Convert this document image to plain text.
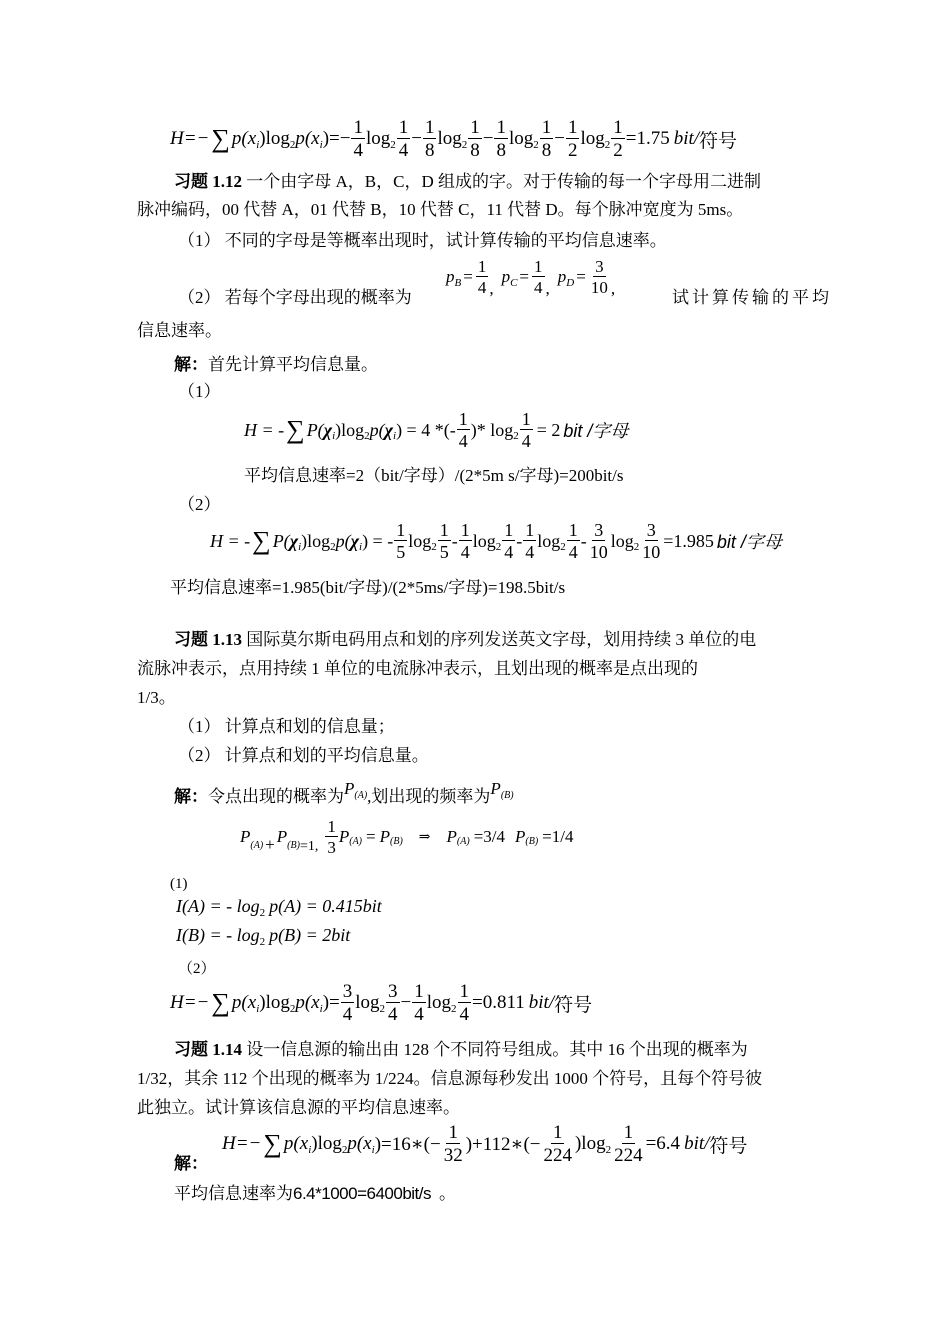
H=− ∑ p(x i )log 2 p(x i )=− $\frac{1}{4}$ $\log 2 \frac{1}{4} - \frac{1}{8}$ $\log 2 \frac{1}{8} - \frac{1}{8}$ $\log 2 \frac{1}{8} - \frac{1}{2}$ $\log 2 \frac{1}{2} =1.75$ bit / 符号
习题 1.12 一个由字母 A，B，C，D 组成的字。对于传输的每一个字母用二进制
脉冲编码，00 代替 A，01 代替 B，10 代替 C，11 代替 D。每个脉冲宽度为 5ms。
（1） 不同的字母是等概率出现时，试计算传输的平均信息速率。
（2） 若每个字母出现的概率为
p $B = \frac{1}{4}$ ,
p $C = \frac{1}{4}$ ,
p $D = \frac{3}{10}$ ,	试计算传输的平均
信息速率。
解：首先计算平均信息量。
（1）
H = - ∑ P( χ i )log 2 p( χ i ) = 4 *(- $\frac{1}{4}$ )* $\log 2 \frac{1}{4} = 2$ bit /字母
平均信息速率=2（bit/字母）/(2*5m s/字母)=200bit/s
（2）
H = - ∑ P( χ i )log 2 p( χ i ) = - $\frac{1}{5}$ $\log 2 \frac{1}{5} - \frac{1}{4}$ $\log 2 \frac{1}{4} - \frac{1}{4}$ $\log 2 \frac{1}{4} - \frac{3}{10}$ $\log 2 \frac{3}{10} =1.985$ bit /字母
平均信息速率=1.985(bit/字母)/(2*5ms/字母)=198.5bit/s
习题 1.13 国际莫尔斯电码用点和划的序列发送英文字母，划用持续 3 单位的电
流脉冲表示，点用持续 1 单位的电流脉冲表示，且划出现的概率是点出现的
1/3。
（1） 计算点和划的信息量；
（2） 计算点和划的平均信息量。
解：令点出现的概率为$P^{(A)}$,划出现的频率为$P^{(B)}$
P (A) + P (B) =1, $\frac{1}{3}$ P (A) = P (B) ⇒ P (A) =3/4 P (B) =1/4
(1)
I(A) = - log 2 p(A) = 0.415bit
I(B) = - log 2 p(B) = 2bit
（2）
H=− ∑ p(x i )log 2 p(x i )= $\frac{3}{4}$ $\log 2 \frac{3}{4} - \frac{1}{4}$ $\log 2 \frac{1}{4} =0.811$ bit / 符号
习题 1.14 设一信息源的输出由 128 个不同符号组成。其中 16 个出现的概率为
1/32，其余 112 个出现的概率为 1/224。信息源每秒发出 1000 个符号，且每个符号彼
此独立。试计算该信息源的平均信息速率。
解：
H=− ∑ p(x i )log 2 p(x i )=16∗(− $\frac{1}{32}$ )+112∗(− $\frac{1}{224} )\log$ $2 \frac{1}{224} =6.4$ bit / 符号
平均信息速率为6.4*1000=6400bit/s 。
